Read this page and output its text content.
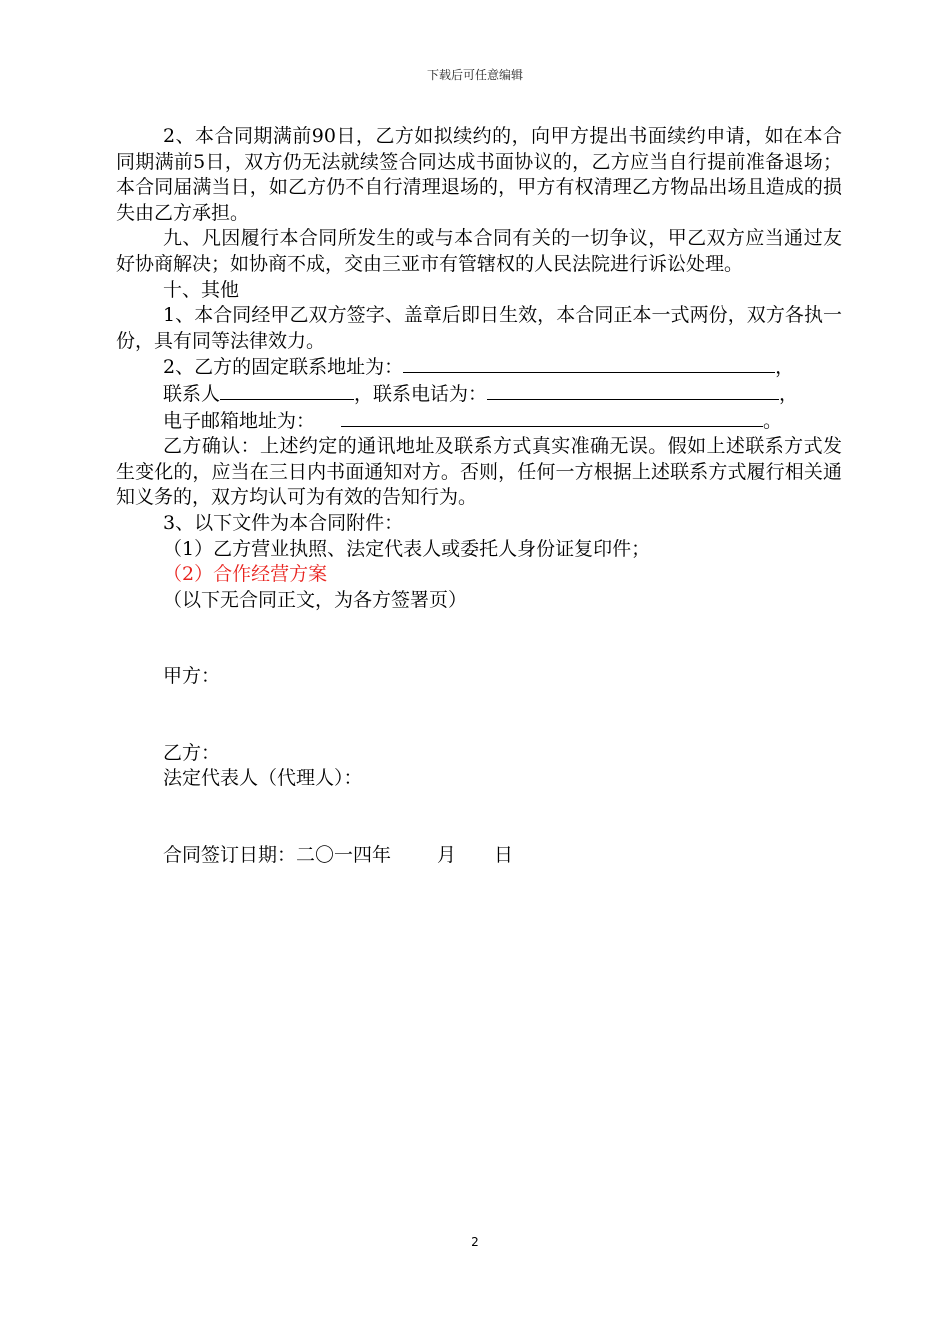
下载后可任意编辑

2、本合同期满前90日，乙方如拟续约的，向甲方提出书面续约申请，如在本合同期满前5日，双方仍无法就续签合同达成书面协议的，乙方应当自行提前准备退场；本合同届满当日，如乙方仍不自行清理退场的，甲方有权清理乙方物品出场且造成的损失由乙方承担。

九、凡因履行本合同所发生的或与本合同有关的一切争议，甲乙双方应当通过友好协商解决；如协商不成，交由三亚市有管辖权的人民法院进行诉讼处理。

十、其他

1、本合同经甲乙双方签字、盖章后即日生效，本合同正本一式两份，双方各执一份，具有同等法律效力。

2、乙方的固定联系地址为：	，
联系人	，联系电话为：	，
电子邮箱地址为：	。

乙方确认：上述约定的通讯地址及联系方式真实准确无误。假如上述联系方式发生变化的，应当在三日内书面通知对方。否则，任何一方根据上述联系方式履行相关通知义务的，双方均认可为有效的告知行为。

3、以下文件为本合同附件：

（1）乙方营业执照、法定代表人或委托人身份证复印件；
（2）合作经营方案
（以下无合同正文，为各方签署页）
甲方：
乙方：
法定代表人（代理人）：
合同签订日期：二〇一四年 月 日
2
